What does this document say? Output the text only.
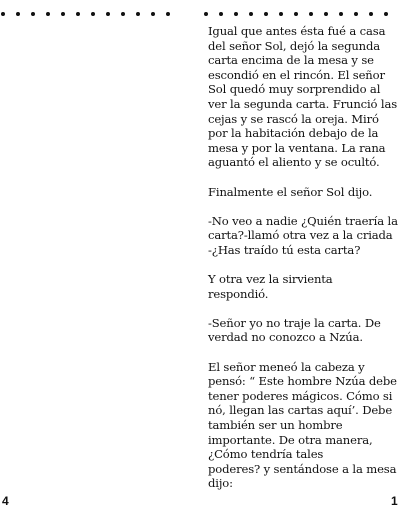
Igual que antes ésta fué a casa
del señor Sol, dejó la segunda
carta encima de la mesa y se
escondió en el rincón. El señor
Sol quedó muy sorprendido al
ver la segunda carta. Frunció las
cejas y se rascó la oreja. Miró
por la habitación debajo de la
mesa y por la ventana. La rana
aguantó el aliento y se ocultó.

Finalmente el señor Sol dijo.

-No veo a nadie ¿Quién traería la
carta?-llamó otra vez a la criada
-¿Has traído tú esta carta?

Y otra vez la sirvienta
respondió.

-Señor yo no traje la carta. De
verdad no conozco a Nzúa.

El señor meneó la cabeza y
pensó: “ Este hombre Nzúa debe
tener poderes mágicos. Cómo si
nó, llegan las cartas aquí’. Debe
también ser un hombre
importante. De otra manera,
¿Cómo tendría tales
poderes? y sentándose a la mesa
dijo:

4	1
